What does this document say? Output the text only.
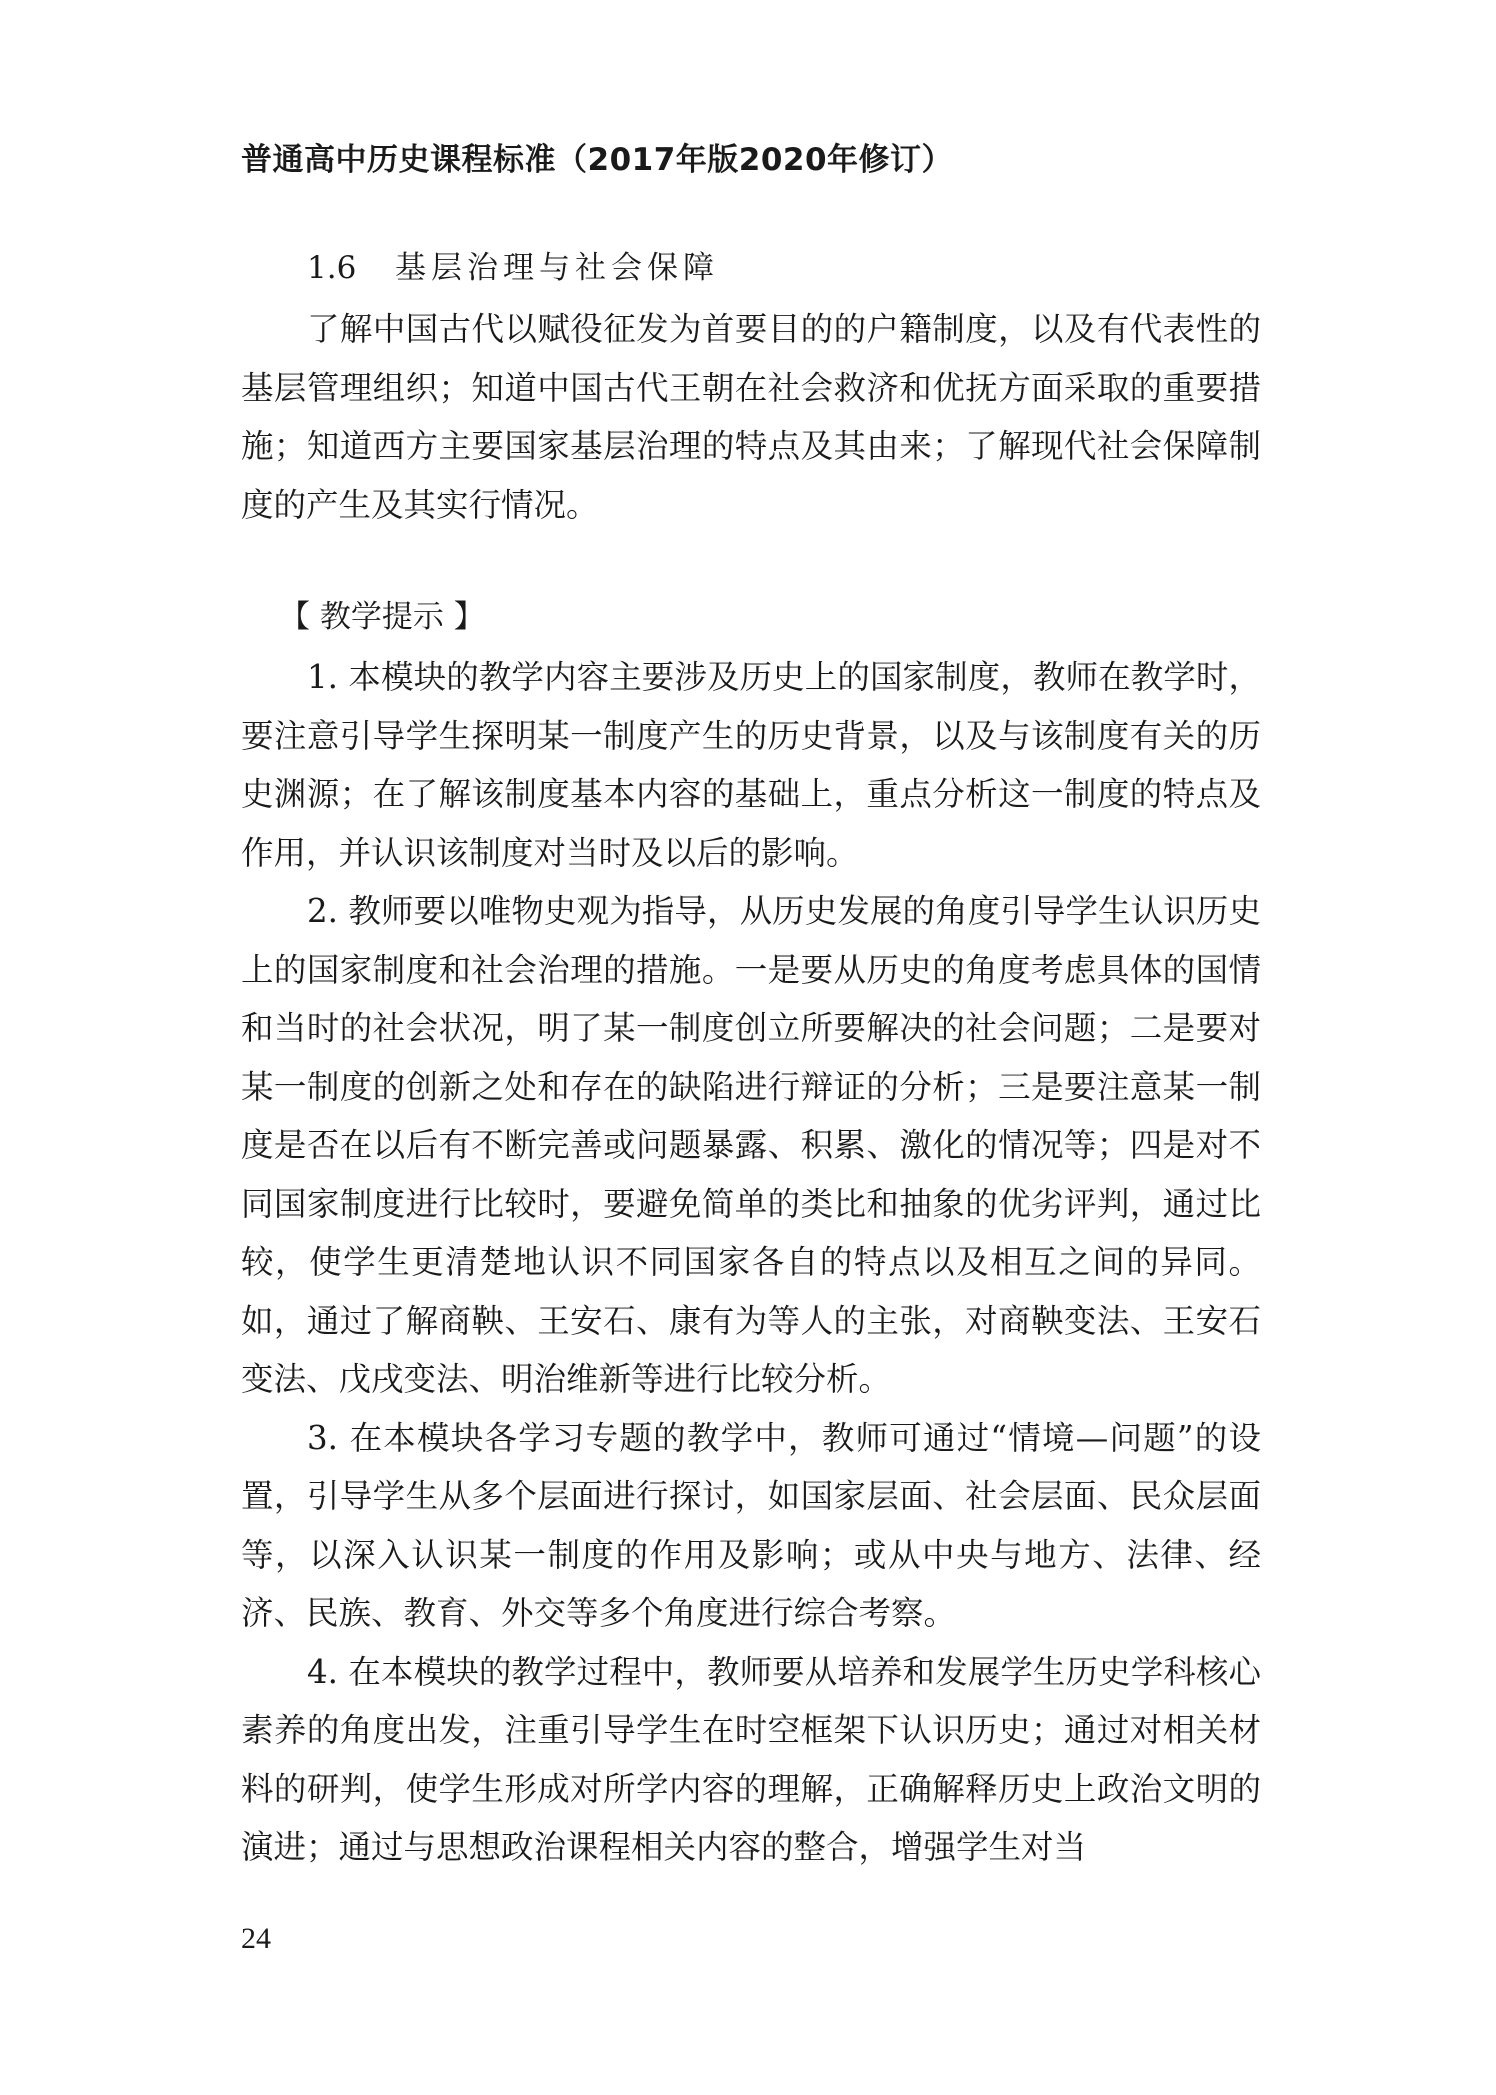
普通高中历史课程标准（2017年版2020年修订）
1.6 基层治理与社会保障

了解中国古代以赋役征发为首要目的的户籍制度，以及有代表性的基层管理组织；知道中国古代王朝在社会救济和优抚方面采取的重要措施；知道西方主要国家基层治理的特点及其由来；了解现代社会保障制度的产生及其实行情况。

【 教学提示 】
1. 本模块的教学内容主要涉及历史上的国家制度，教师在教学时，要注意引导学生探明某一制度产生的历史背景，以及与该制度有关的历史渊源；在了解该制度基本内容的基础上，重点分析这一制度的特点及作用，并认识该制度对当时及以后的影响。
2. 教师要以唯物史观为指导，从历史发展的角度引导学生认识历史上的国家制度和社会治理的措施。一是要从历史的角度考虑具体的国情和当时的社会状况，明了某一制度创立所要解决的社会问题；二是要对某一制度的创新之处和存在的缺陷进行辩证的分析；三是要注意某一制度是否在以后有不断完善或问题暴露、积累、激化的情况等；四是对不同国家制度进行比较时，要避免简单的类比和抽象的优劣评判，通过比较，使学生更清楚地认识不同国家各自的特点以及相互之间的异同。如，通过了解商鞅、王安石、康有为等人的主张，对商鞅变法、王安石变法、戊戌变法、明治维新等进行比较分析。
3. 在本模块各学习专题的教学中，教师可通过“情境—问题”的设置，引导学生从多个层面进行探讨，如国家层面、社会层面、民众层面等，以深入认识某一制度的作用及影响；或从中央与地方、法律、经济、民族、教育、外交等多个角度进行综合考察。
4. 在本模块的教学过程中，教师要从培养和发展学生历史学科核心素养的角度出发，注重引导学生在时空框架下认识历史；通过对相关材料的研判，使学生形成对所学内容的理解，正确解释历史上政治文明的演进；通过与思想政治课程相关内容的整合，增强学生对当
24
